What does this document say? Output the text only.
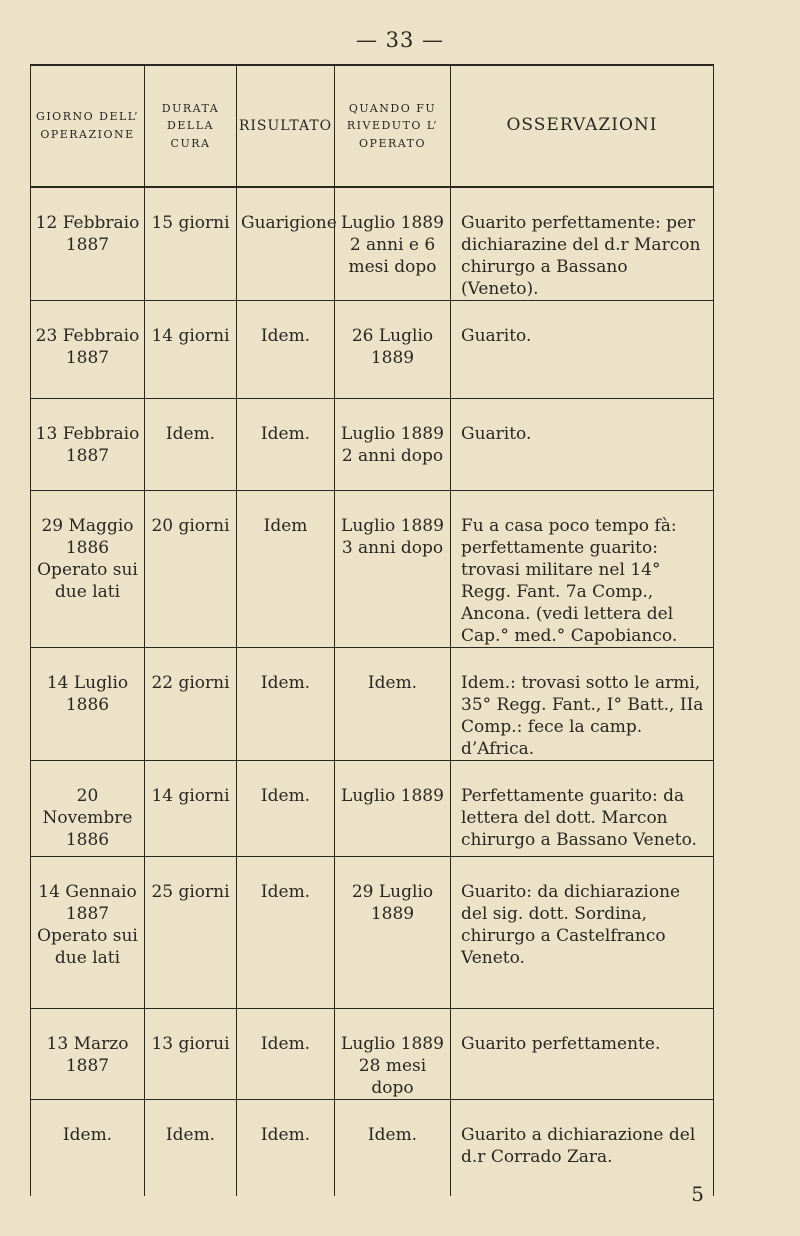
— 33 —
GIORNO DELL’ OPERAZIONE	DURATA DELLA CURA	RISULTATO	QUANDO FU RIVEDUTO L’ OPERATO	OSSERVAZIONI

12 Febbraio 1887	15 giorni	Guarigione	Luglio 1889 2 anni e 6 mesi dopo	Guarito perfettamente: per dichiarazine del d.r Marcon chirurgo a Bassano (Veneto).

23 Febbraio 1887	14 giorni	Idem.	26 Luglio 1889	Guarito.

13 Febbraio 1887	Idem.	Idem.	Luglio 1889 2 anni dopo	Guarito.

29 Maggio 1886 Operato sui due lati	20 giorni	Idem	Luglio 1889 3 anni dopo	Fu a casa poco tempo fà: perfettamente guarito: trovasi militare nel 14° Regg. Fant. 7a Comp., Ancona. (vedi lettera del Cap.° med.° Capobianco.

14 Luglio 1886	22 giorni	Idem.	Idem.	Idem.: trovasi sotto le armi, 35° Regg. Fant., I° Batt., IIa Comp.: fece la camp. d’Africa.

20 Novembre 1886	14 giorni	Idem.	Luglio 1889	Perfettamente guarito: da lettera del dott. Marcon chirurgo a Bassano Veneto.

14 Gennaio 1887 Operato sui due lati	25 giorni	Idem.	29 Luglio 1889	Guarito: da dichiarazione del sig. dott. Sordina, chirurgo a Castelfranco Veneto.

13 Marzo 1887	13 giorui	Idem.	Luglio 1889 28 mesi dopo	Guarito perfettamente.

Idem.	Idem.	Idem.	Idem.	Guarito a dichiarazione del d.r Corrado Zara.
5
